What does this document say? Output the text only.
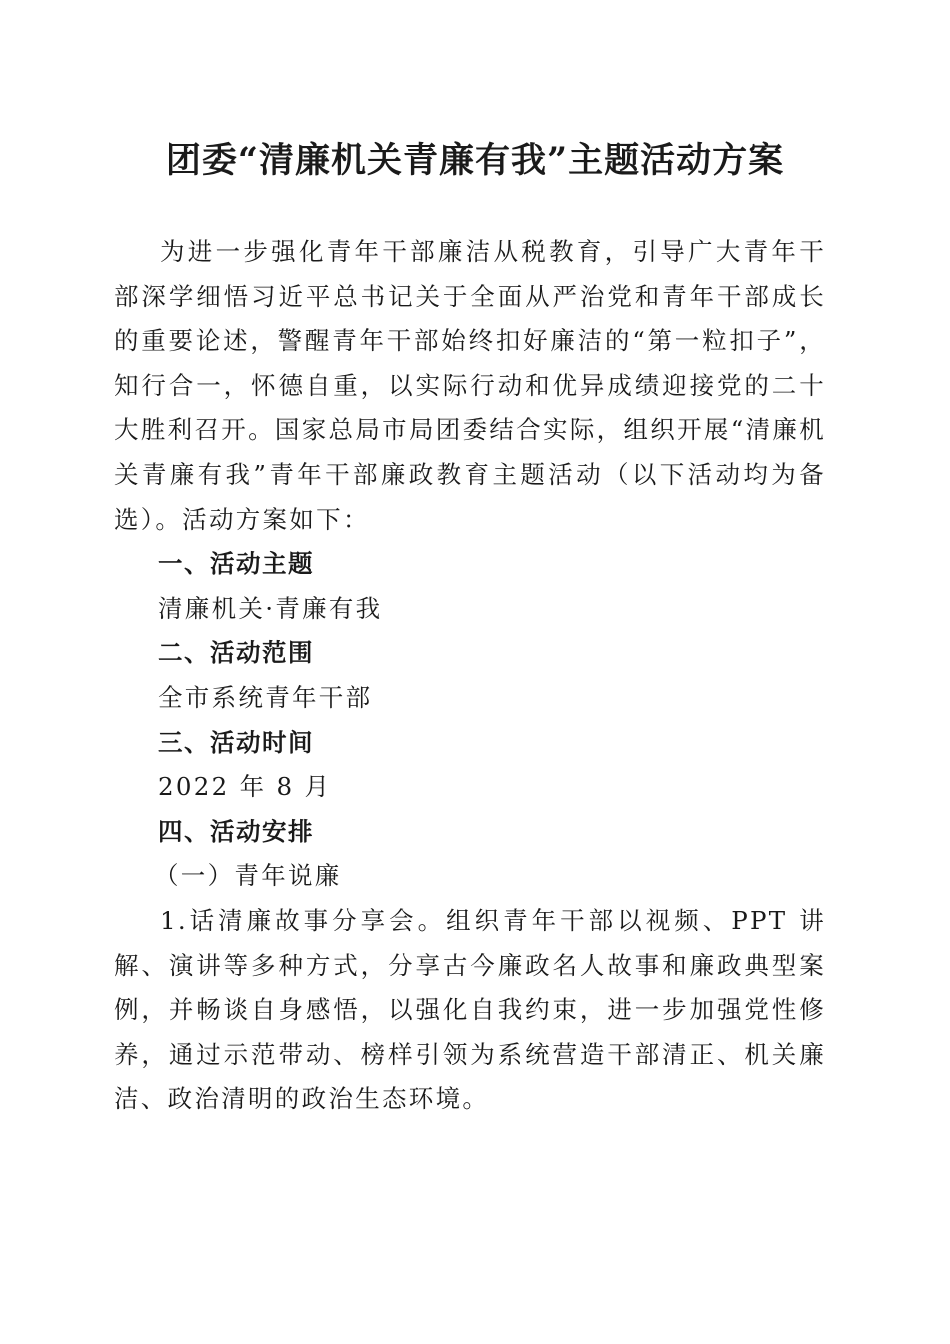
团委“清廉机关青廉有我”主题活动方案

为进一步强化青年干部廉洁从税教育，引导广大青年干部深学细悟习近平总书记关于全面从严治党和青年干部成长的重要论述，警醒青年干部始终扣好廉洁的“第一粒扣子”，知行合一，怀德自重，以实际行动和优异成绩迎接党的二十大胜利召开。国家总局市局团委结合实际，组织开展“清廉机关青廉有我”青年干部廉政教育主题活动（以下活动均为备选）。活动方案如下：

一、活动主题

清廉机关·青廉有我

二、活动范围

全市系统青年干部

三、活动时间

2022 年 8 月

四、活动安排

（一）青年说廉

1.话清廉故事分享会。组织青年干部以视频、PPT 讲解、演讲等多种方式，分享古今廉政名人故事和廉政典型案例，并畅谈自身感悟，以强化自我约束，进一步加强党性修养，通过示范带动、榜样引领为系统营造干部清正、机关廉洁、政治清明的政治生态环境。
